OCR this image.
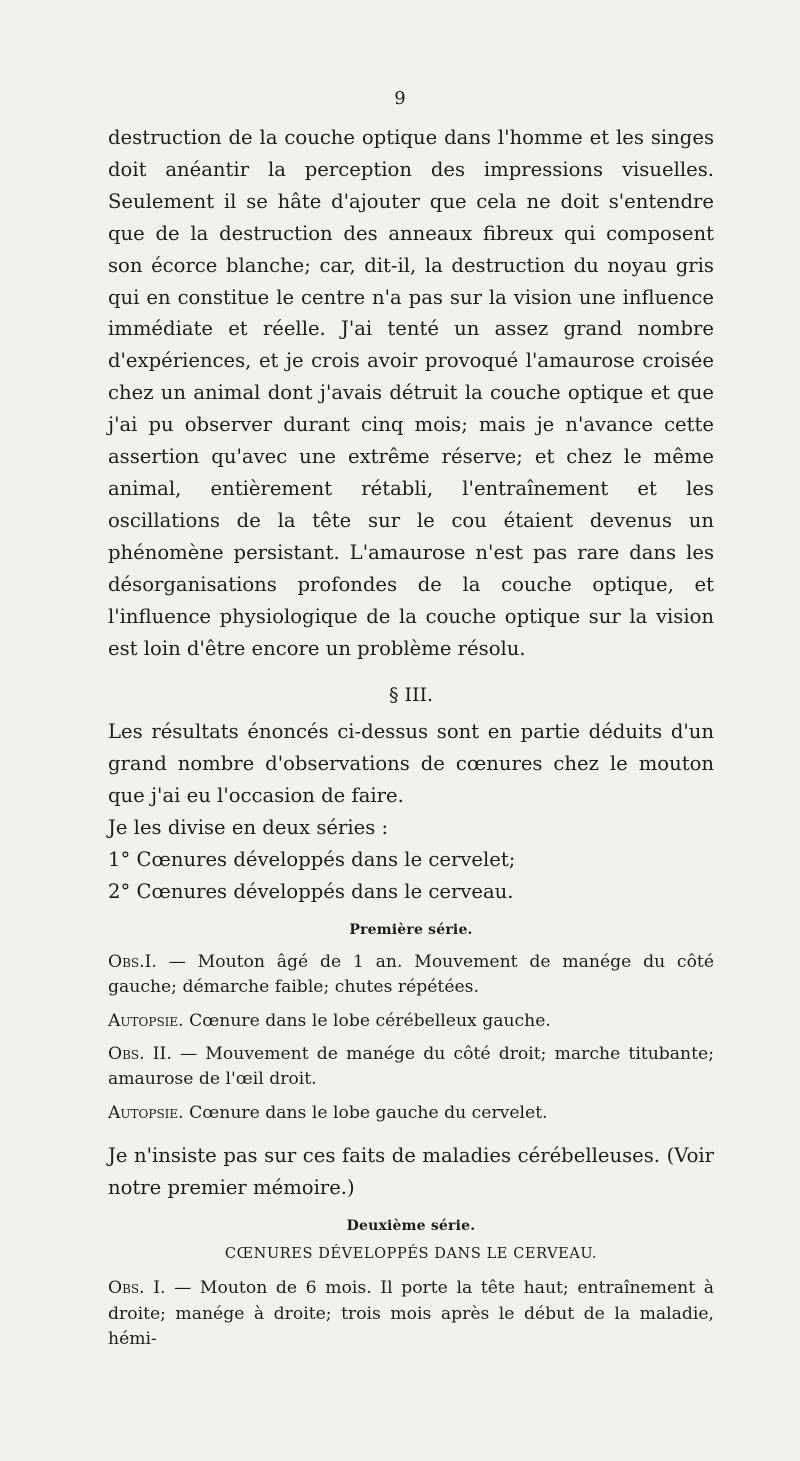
9

destruction de la couche optique dans l'homme et les singes doit anéantir la perception des impressions visuelles. Seulement il se hâte d'ajouter que cela ne doit s'entendre que de la destruction des anneaux fibreux qui composent son écorce blanche; car, dit-il, la destruction du noyau gris qui en constitue le centre n'a pas sur la vision une influence immédiate et réelle. J'ai tenté un assez grand nombre d'expériences, et je crois avoir provoqué l'amaurose croisée chez un animal dont j'avais détruit la couche optique et que j'ai pu observer durant cinq mois; mais je n'avance cette assertion qu'avec une extrême réserve; et chez le même animal, entièrement rétabli, l'entraînement et les oscillations de la tête sur le cou étaient devenus un phénomène persistant. L'amaurose n'est pas rare dans les désorganisations profondes de la couche optique, et l'influence physiologique de la couche optique sur la vision est loin d'être encore un problème résolu.

§ III.

Les résultats énoncés ci-dessus sont en partie déduits d'un grand nombre d'observations de cœnures chez le mouton que j'ai eu l'occasion de faire.

Je les divise en deux séries :

1° Cœnures développés dans le cervelet;

2° Cœnures développés dans le cerveau.

Première série.

Obs.I. — Mouton âgé de 1 an. Mouvement de manége du côté gauche; démarche faible; chutes répétées.

Autopsie. Cœnure dans le lobe cérébelleux gauche.

Obs. II. — Mouvement de manége du côté droit; marche titubante; amaurose de l'œil droit.

Autopsie. Cœnure dans le lobe gauche du cervelet.

Je n'insiste pas sur ces faits de maladies cérébelleuses. (Voir notre premier mémoire.)

Deuxième série.
CŒNURES DÉVELOPPÉS DANS LE CERVEAU.

Obs. I. — Mouton de 6 mois. Il porte la tête haut; entraînement à droite; manége à droite; trois mois après le début de la maladie, hémi-
